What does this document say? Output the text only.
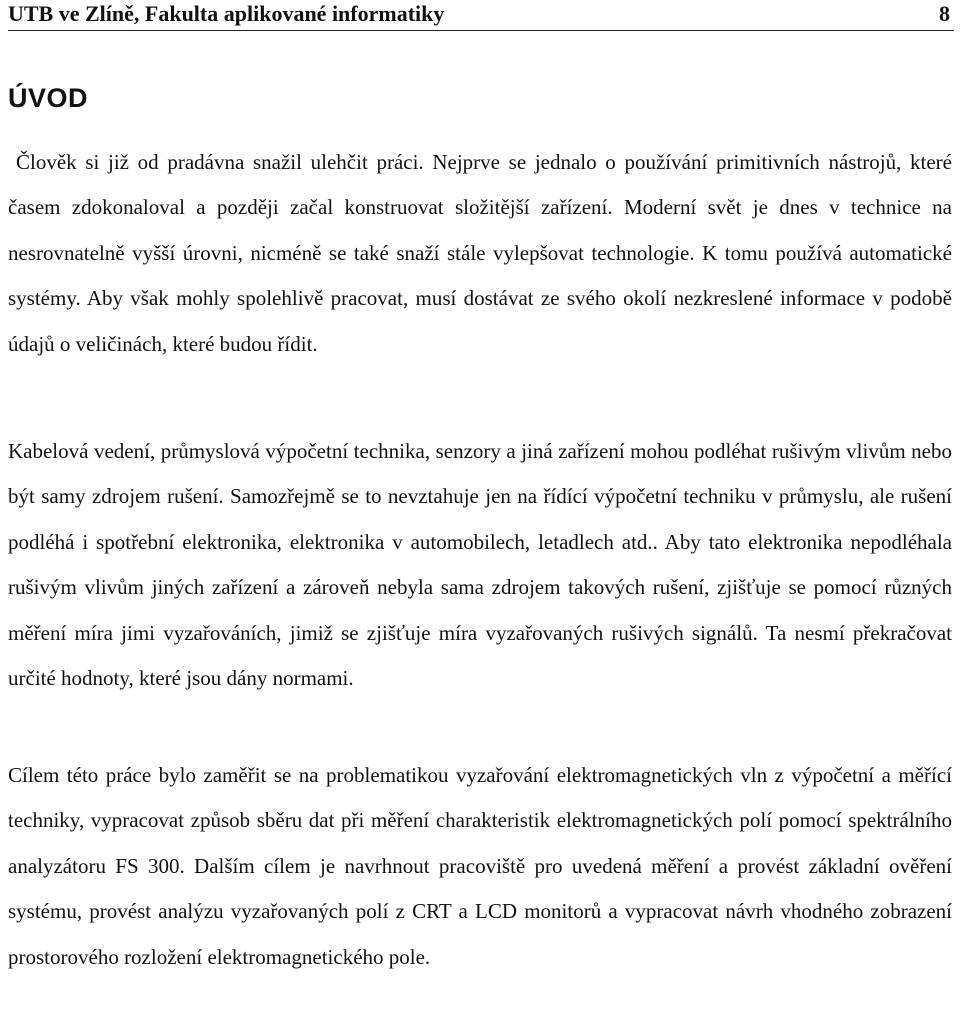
UTB ve Zlíně, Fakulta aplikované informatiky	8
ÚVOD

Člověk si již od pradávna snažil ulehčit práci. Nejprve se jednalo o používání primitivních nástrojů, které časem zdokonaloval a později začal konstruovat složitější zařízení. Moderní svět je dnes v technice na nesrovnatelně vyšší úrovni, nicméně se také snaží stále vylepšovat technologie. K tomu používá automatické systémy. Aby však mohly spolehlivě pracovat, musí dostávat ze svého okolí nezkreslené informace v podobě údajů o veličinách, které budou řídit.

Kabelová vedení, průmyslová výpočetní technika, senzory a jiná zařízení mohou podléhat rušivým vlivům nebo být samy zdrojem rušení. Samozřejmě se to nevztahuje jen na řídící výpočetní techniku v průmyslu, ale rušení podléhá i spotřební elektronika, elektronika v automobilech, letadlech atd.. Aby tato elektronika nepodléhala rušivým vlivům jiných zařízení a zároveň nebyla sama zdrojem takových rušení, zjišťuje se pomocí různých měření míra jimi vyzařováních, jimiž se zjišťuje míra vyzařovaných rušivých signálů. Ta nesmí překračovat určité hodnoty, které jsou dány normami.

Cílem této práce bylo zaměřit se na problematikou vyzařování elektromagnetických vln z výpočetní a měřící techniky, vypracovat způsob sběru dat při měření charakteristik elektromagnetických polí pomocí spektrálního analyzátoru FS 300. Dalším cílem je navrhnout pracoviště pro uvedená měření a provést základní ověření systému, provést analýzu vyzařovaných polí z CRT a LCD monitorů a vypracovat návrh vhodného zobrazení prostorového rozložení elektromagnetického pole.
